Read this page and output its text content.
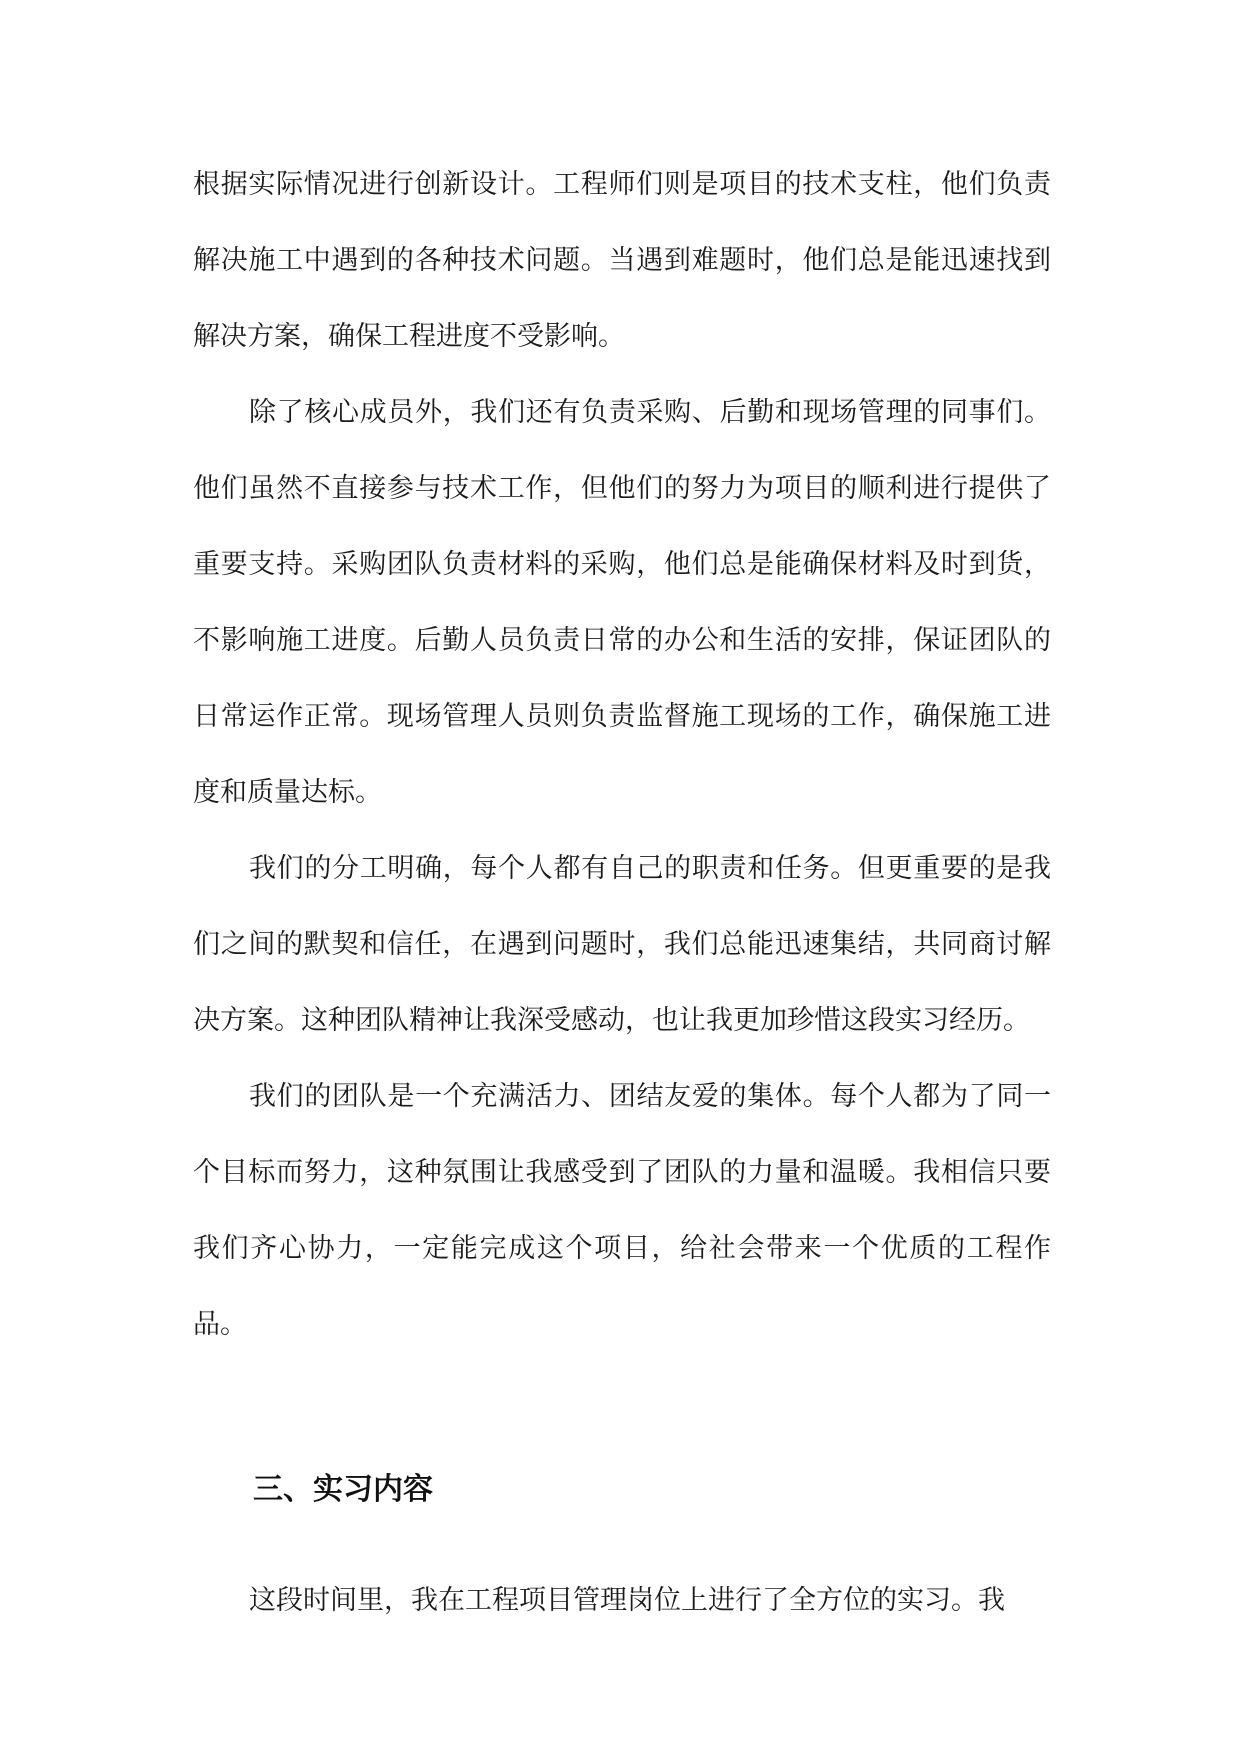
根据实际情况进行创新设计。工程师们则是项目的技术支柱，他们负责解决施工中遇到的各种技术问题。当遇到难题时，他们总是能迅速找到解决方案，确保工程进度不受影响。

除了核心成员外，我们还有负责采购、后勤和现场管理的同事们。他们虽然不直接参与技术工作，但他们的努力为项目的顺利进行提供了重要支持。采购团队负责材料的采购，他们总是能确保材料及时到货，不影响施工进度。后勤人员负责日常的办公和生活的安排，保证团队的日常运作正常。现场管理人员则负责监督施工现场的工作，确保施工进度和质量达标。

我们的分工明确，每个人都有自己的职责和任务。但更重要的是我们之间的默契和信任，在遇到问题时，我们总能迅速集结，共同商讨解决方案。这种团队精神让我深受感动，也让我更加珍惜这段实习经历。

我们的团队是一个充满活力、团结友爱的集体。每个人都为了同一个目标而努力，这种氛围让我感受到了团队的力量和温暖。我相信只要我们齐心协力，一定能完成这个项目，给社会带来一个优质的工程作品。

三、实习内容

这段时间里，我在工程项目管理岗位上进行了全方位的实习。我
